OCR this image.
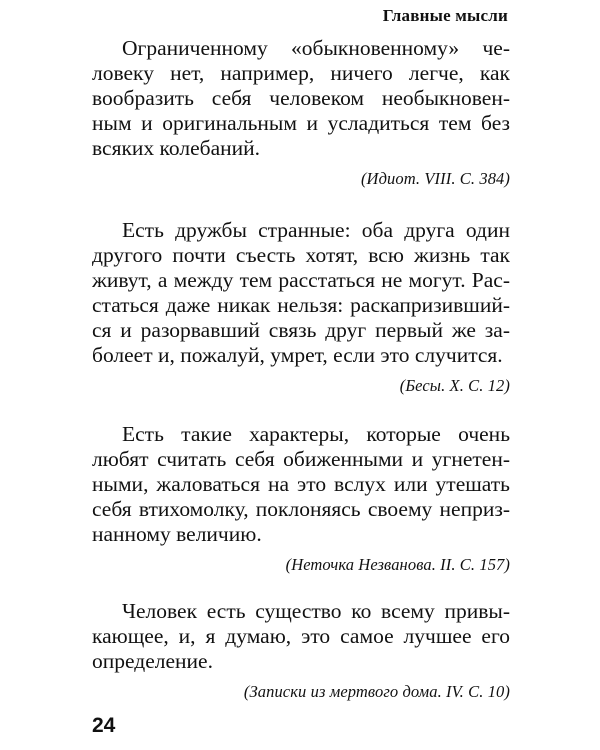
Главные мысли

Ограниченному «обыкновенному» че-
ловеку нет, например, ничего легче, как
вообразить себя человеком необыкновен-
ным и оригинальным и усладиться тем без
всяких колебаний.

(Идиот. VIII. С. 384)

Есть дружбы странные: оба друга один
другого почти съесть хотят, всю жизнь так
живут, а между тем расстаться не могут. Рас-
статься даже никак нельзя: раскапризивший-
ся и разорвавший связь друг первый же за-
болеет и, пожалуй, умрет, если это случится.

(Бесы. X. С. 12)

Есть такие характеры, которые очень
любят считать себя обиженными и угнетен-
ными, жаловаться на это вслух или утешать
себя втихомолку, поклоняясь своему неприз-
нанному величию.

(Неточка Незванова. II. С. 157)

Человек есть существо ко всему привы-
кающее, и, я думаю, это самое лучшее его
определение.

(Записки из мертвого дома. IV. С. 10)
24
